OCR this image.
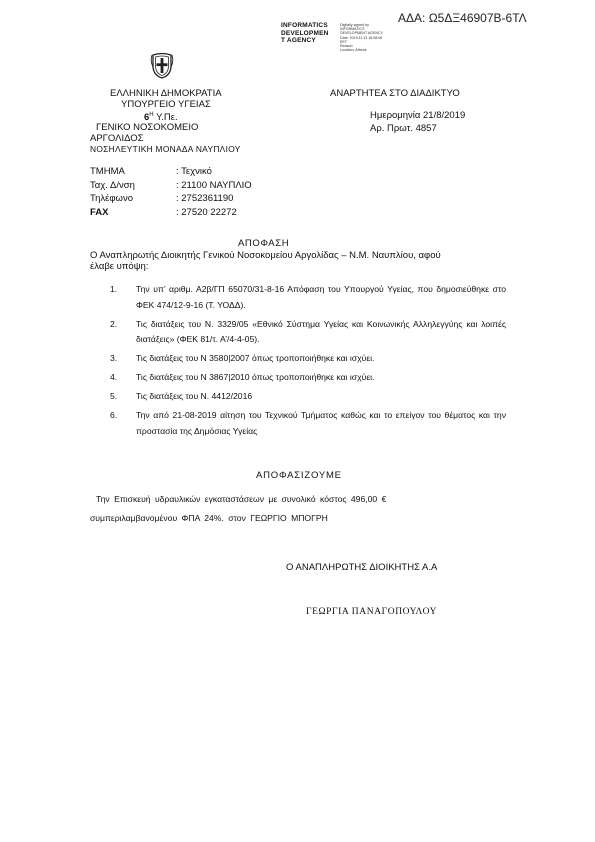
ΑΔΑ: Ω5ΔΞ46907Β-6ΤΛ
INFORMATICS
DEVELOPMEN
T AGENCY
Digitally signed by
INFORMATICS
DEVELOPMENT AGENCY
Date: 2019.11.13 16:08:06
EET
Reason:
Location: Athens
ΕΛΛΗΝΙΚΗ ΔΗΜΟΚΡΑΤΙΑ
ΥΠΟΥΡΓΕΙΟ ΥΓΕΙΑΣ
$6^H$ Υ.Πε.
ΓΕΝΙΚΟ ΝΟΣΟΚΟΜΕΙΟ
ΑΡΓΟΛΙΔΟΣ
ΝΟΣΗΛΕΥΤΙΚΗ ΜΟΝΑΔΑ ΝΑΥΠΛΙΟΥ
ΑΝΑΡΤΗΤΕΑ ΣΤΟ ΔΙΑΔΙΚΤΥΟ
Ημερομηνία 21/8/2019
Αρ. Πρωτ. 4857
ΤΜΗΜΑ	: Τεχνικό
Ταχ. Δ/νση	: 21100 ΝΑΥΠΛΙΟ
Τηλέφωνο	: 2752361190
FAX	: 27520 22272
ΑΠΟΦΑΣΗ
Ο Αναπληρωτής Διοικητής Γενικού Νοσοκομείου Αργολίδας – Ν.Μ. Ναυπλίου, αφού
έλαβε υπόψη:
1. Την υπ’ αριθμ. Α2β/ΓΠ 65070/31-8-16 Απόφαση του Υπουργού Υγείας, που δημοσιεύθηκε στο ΦΕΚ 474/12-9-16 (Τ. ΥΟΔΔ).
2. Τις διατάξεις του Ν. 3329/05 «Εθνικό Σύστημα Υγείας και Κοινωνικής Αλληλεγγύης και λοιπές διατάξεις» (ΦΕΚ 81/τ. Α’/4-4-05).
3. Τις διατάξεις του Ν 3580|2007 όπως τροποποιήθηκε και ισχύει.
4. Τις διατάξεις του Ν 3867|2010 όπως τροποποιήθηκε και ισχύει.
5. Τις διατάξεις του Ν. 4412/2016
6. Την από 21-08-2019 αίτηση του Τεχνικού Τμήματος καθώς και το επείγον του θέματος και την προστασία της Δημόσιας Υγείας
ΑΠΟΦΑΣΙΖΟΥΜΕ
Την Επισκευή υδραυλικών εγκαταστάσεων με συνολικό κόστος 496,00 €
συμπεριλαμβανομένου ΦΠΑ 24%. στον ΓΕΩΡΓΙΟ ΜΠΟΓΡΗ
Ο ΑΝΑΠΛΗΡΩΤΗΣ ΔΙΟΙΚΗΤΗΣ Α.Α
ΓΕΩΡΓΙΑ ΠΑΝΑΓΟΠΟΥΛΟΥ
